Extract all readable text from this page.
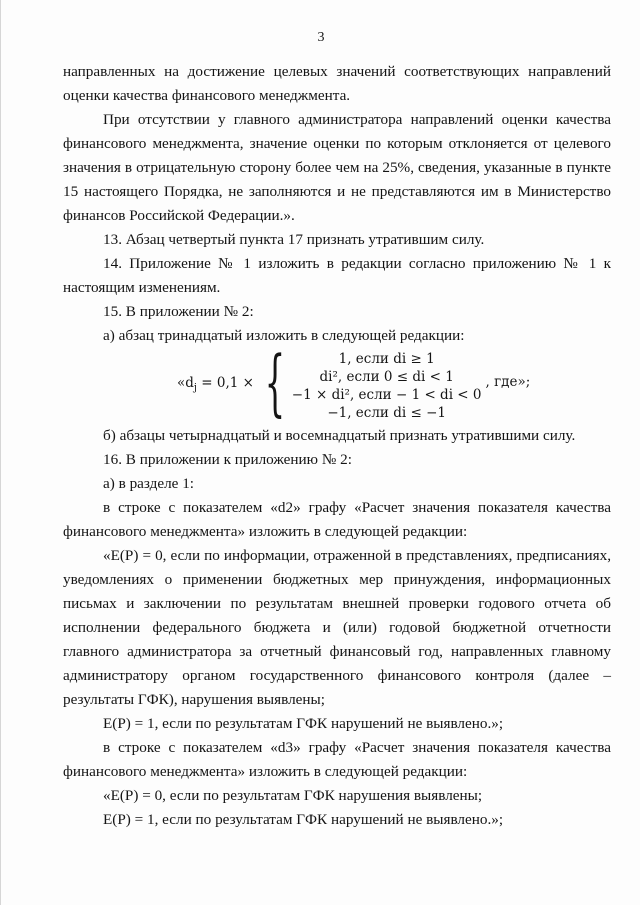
3

направленных на достижение целевых значений соответствующих направлений оценки качества финансового менеджмента.

При отсутствии у главного администратора направлений оценки качества финансового менеджмента, значение оценки по которым отклоняется от целевого значения в отрицательную сторону более чем на 25%, сведения, указанные в пункте 15 настоящего Порядка, не заполняются и не представляются им в Министерство финансов Российской Федерации.».

13. Абзац четвертый пункта 17 признать утратившим силу.

14. Приложение № 1 изложить в редакции согласно приложению № 1 к настоящим изменениям.

15. В приложении № 2:

а) абзац тринадцатый изложить в следующей редакции:

«$d_j = 0,1$ × {	1, если di ≥ 1
di², если 0 ≤ di < 1
−1 × di², если − 1 < di < 0
−1, если di ≤ −1
, где»;

б) абзацы четырнадцатый и восемнадцатый признать утратившими силу.

16. В приложении к приложению № 2:

а) в разделе 1:

в строке с показателем «d2» графу «Расчет значения показателя качества финансового менеджмента» изложить в следующей редакции:

«Е(Р) = 0, если по информации, отраженной в представлениях, предписаниях, уведомлениях о применении бюджетных мер принуждения, информационных письмах и заключении по результатам внешней проверки годового отчета об исполнении федерального бюджета и (или) годовой бюджетной отчетности главного администратора за отчетный финансовый год, направленных главному администратору органом государственного финансового контроля (далее – результаты ГФК), нарушения выявлены;

Е(Р) = 1, если по результатам ГФК нарушений не выявлено.»;

в строке с показателем «d3» графу «Расчет значения показателя качества финансового менеджмента» изложить в следующей редакции:

«Е(Р) = 0, если по результатам ГФК нарушения выявлены;

Е(Р) = 1, если по результатам ГФК нарушений не выявлено.»;
